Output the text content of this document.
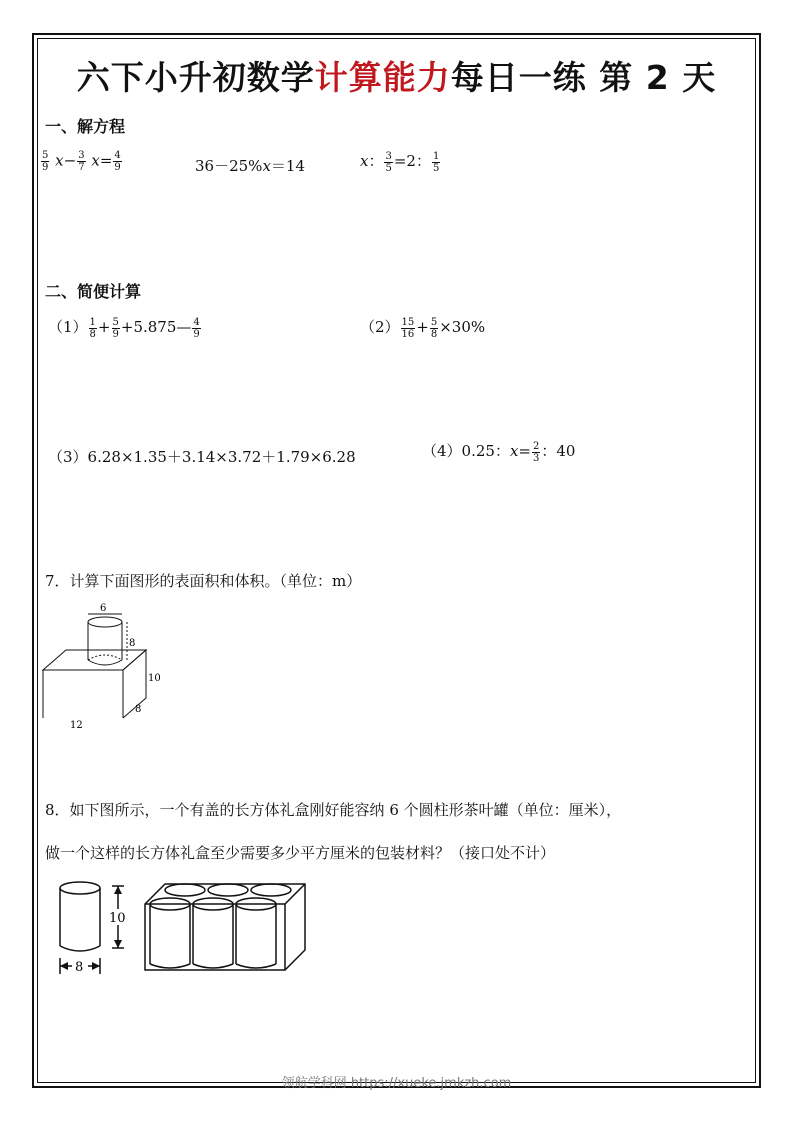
六下小升初数学计算能力每日一练 第 2 天
一、解方程
$\frac{5}{9} x- \frac{3}{7} x= \frac{4}{9}$	36－25%x＝14	x： $\frac{3}{5} =2$： $\frac{1}{5}$
二、简便计算
$(1) \frac{1}{8} + \frac{5}{9}$ +5.875— $\frac{4}{9}$	$(2) \frac{15}{16} + \frac{5}{8} \times 30\%$
（3）6.28×1.35＋3.14×3.72＋1.79×6.28	（4）0.25：$x= \frac{2}{3}$ ：40
7．计算下面图形的表面积和体积。（单位：m）
6
8
10
8
12
8．如下图所示，一个有盖的长方体礼盒刚好能容纳 6 个圆柱形茶叶罐（单位：厘米），
做一个这样的长方体礼盒至少需要多少平方厘米的包装材料？（接口处不计）
10
8
领航学科网 https://xueke.jmkzh.com
